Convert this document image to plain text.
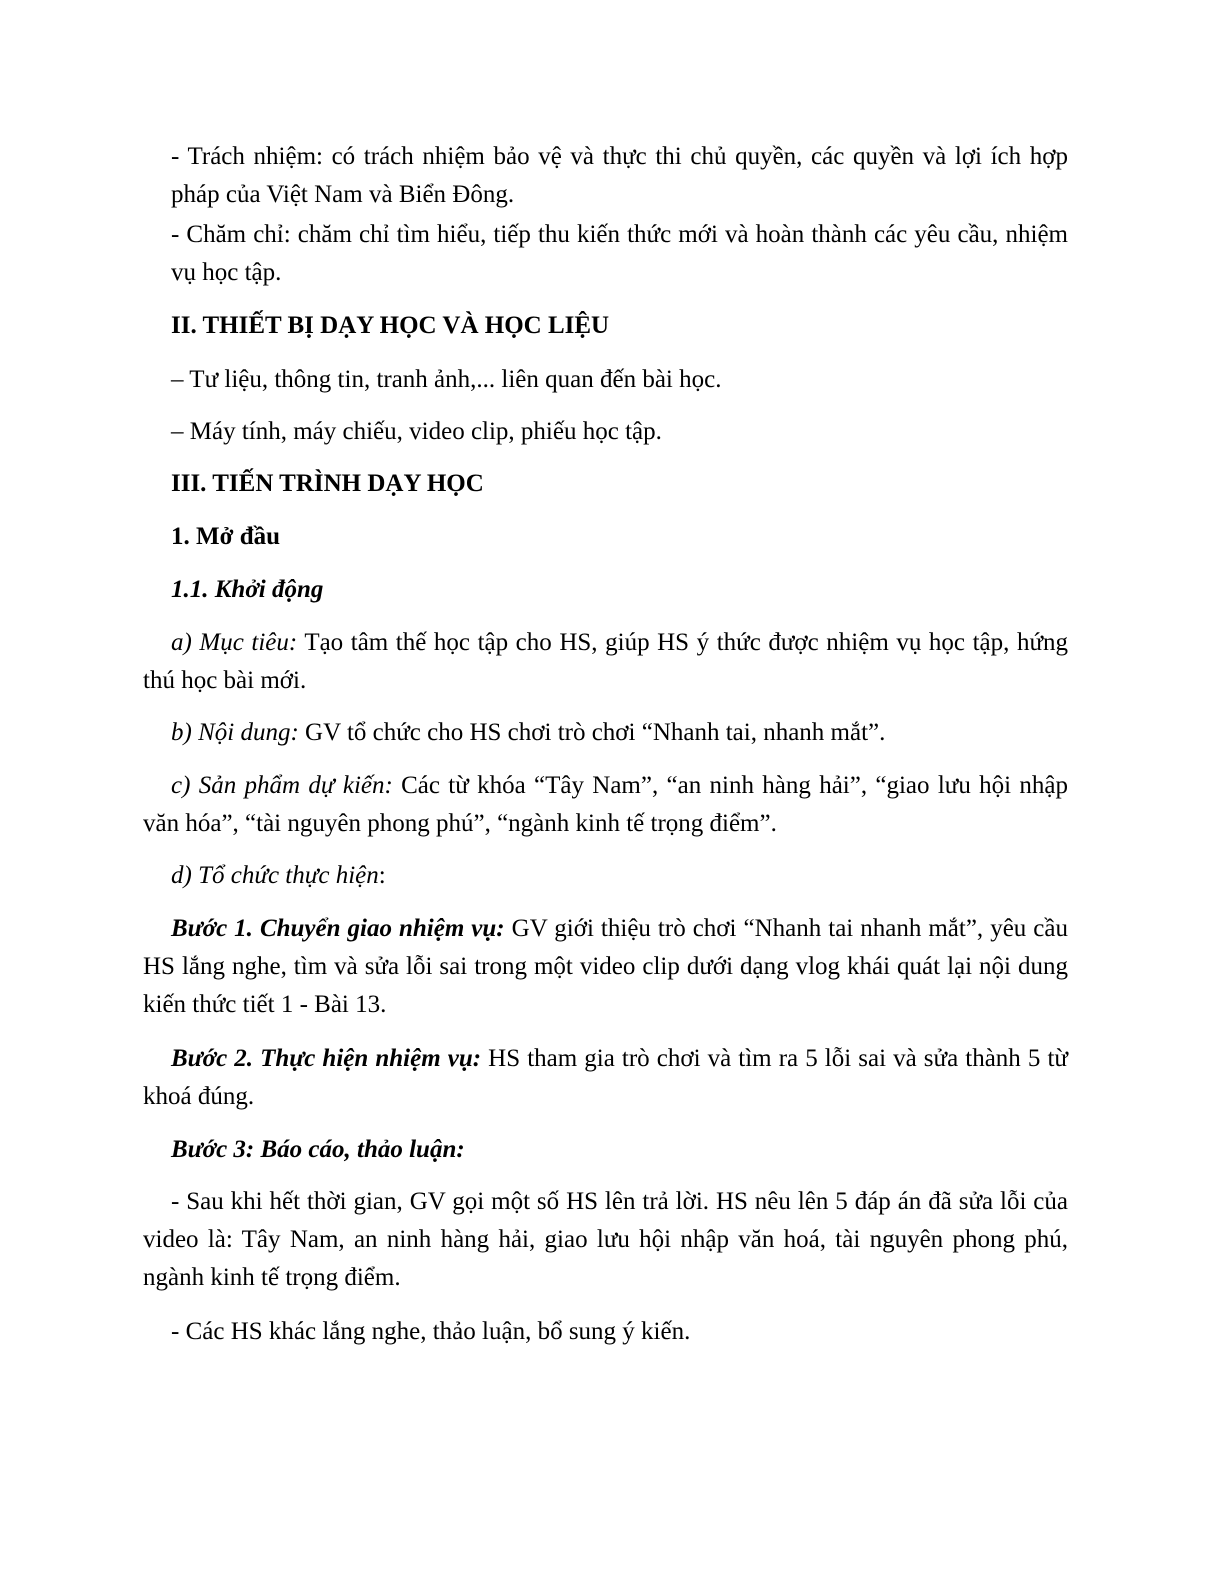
- Trách nhiệm: có trách nhiệm bảo vệ và thực thi chủ quyền, các quyền và lợi ích hợp pháp của Việt Nam và Biển Đông.

- Chăm chỉ: chăm chỉ tìm hiểu, tiếp thu kiến thức mới và hoàn thành các yêu cầu, nhiệm vụ học tập.

II. THIẾT BỊ DẠY HỌC VÀ HỌC LIỆU

– Tư liệu, thông tin, tranh ảnh,... liên quan đến bài học.

– Máy tính, máy chiếu, video clip, phiếu học tập.

III. TIẾN TRÌNH DẠY HỌC

1. Mở đầu

1.1. Khởi động

a) Mục tiêu: Tạo tâm thế học tập cho HS, giúp HS ý thức được nhiệm vụ học tập, hứng thú học bài mới.

b) Nội dung: GV tổ chức cho HS chơi trò chơi “Nhanh tai, nhanh mắt”.

c) Sản phẩm dự kiến: Các từ khóa “Tây Nam”, “an ninh hàng hải”, “giao lưu hội nhập văn hóa”, “tài nguyên phong phú”, “ngành kinh tế trọng điểm”.

d) Tổ chức thực hiện:

Bước 1. Chuyển giao nhiệm vụ: GV giới thiệu trò chơi “Nhanh tai nhanh mắt”, yêu cầu HS lắng nghe, tìm và sửa lỗi sai trong một video clip dưới dạng vlog khái quát lại nội dung kiến thức tiết 1 - Bài 13.

Bước 2. Thực hiện nhiệm vụ: HS tham gia trò chơi và tìm ra 5 lỗi sai và sửa thành 5 từ khoá đúng.

Bước 3: Báo cáo, thảo luận:

- Sau khi hết thời gian, GV gọi một số HS lên trả lời. HS nêu lên 5 đáp án đã sửa lỗi của video là: Tây Nam, an ninh hàng hải, giao lưu hội nhập văn hoá, tài nguyên phong phú, ngành kinh tế trọng điểm.

- Các HS khác lắng nghe, thảo luận, bổ sung ý kiến.
